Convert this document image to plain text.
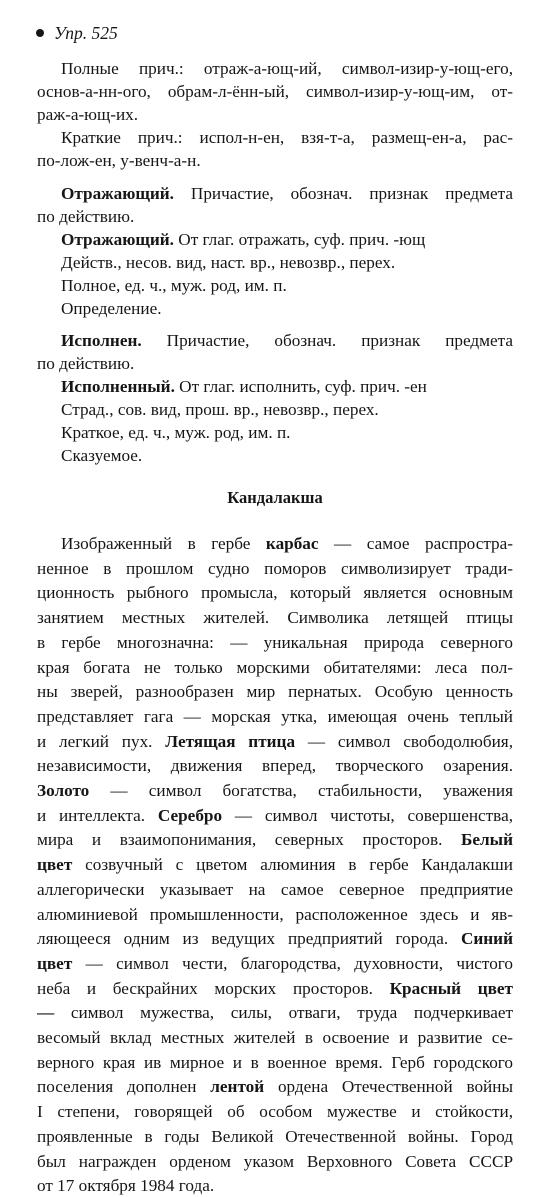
Упр. 525

Полные прич.: отраж-а-ющ-ий, символ-изир-у-ющ-его,

основ-а-нн-ого, обрам-л-ённ-ый, символ-изир-у-ющ-им, от-

раж-а-ющ-их.

Краткие прич.: испол-н-ен, взя-т-а, размещ-ен-а, рас-

по-лож-ен, у-венч-а-н.

Отражающий. Причастие, обознач. признак предмета

по действию.

Отражающий. От глаг. отражать, суф. прич. -ющ

Действ., несов. вид, наст. вр., невозвр., перех.

Полное, ед. ч., муж. род, им. п.

Определение.

Исполнен. Причастие, обознач. признак предмета

по действию.

Исполненный. От глаг. исполнить, суф. прич. -ен

Страд., сов. вид, прош. вр., невозвр., перех.

Краткое, ед. ч., муж. род, им. п.

Сказуемое.

Кандалакша

Изображенный в гербе карбас — самое распростра-

ненное в прошлом судно поморов символизирует тради-

ционность рыбного промысла, который является основным

занятием местных жителей. Символика летящей птицы

в гербе многозначна: — уникальная природа северного

края богата не только морскими обитателями: леса пол-

ны зверей, разнообразен мир пернатых. Особую ценность

представляет гага — морская утка, имеющая очень теплый

и легкий пух. Летящая птица — символ свободолюбия,

независимости, движения вперед, творческого озарения.

Золото — символ богатства, стабильности, уважения

и интеллекта. Серебро — символ чистоты, совершенства,

мира и взаимопонимания, северных просторов. Белый

цвет созвучный с цветом алюминия в гербе Кандалакши

аллегорически указывает на самое северное предприятие

алюминиевой промышленности, расположенное здесь и яв-

ляющееся одним из ведущих предприятий города. Синий

цвет — символ чести, благородства, духовности, чистого

неба и бескрайних морских просторов. Красный цвет

— символ мужества, силы, отваги, труда подчеркивает

весомый вклад местных жителей в освоение и развитие се-

верного края ив мирное и в военное время. Герб городского

поселения дополнен лентой ордена Отечественной войны

I степени, говорящей об особом мужестве и стойкости,

проявленные в годы Великой Отечественной войны. Город

был награжден орденом указом Верховного Совета СССР

от 17 октября 1984 года.
